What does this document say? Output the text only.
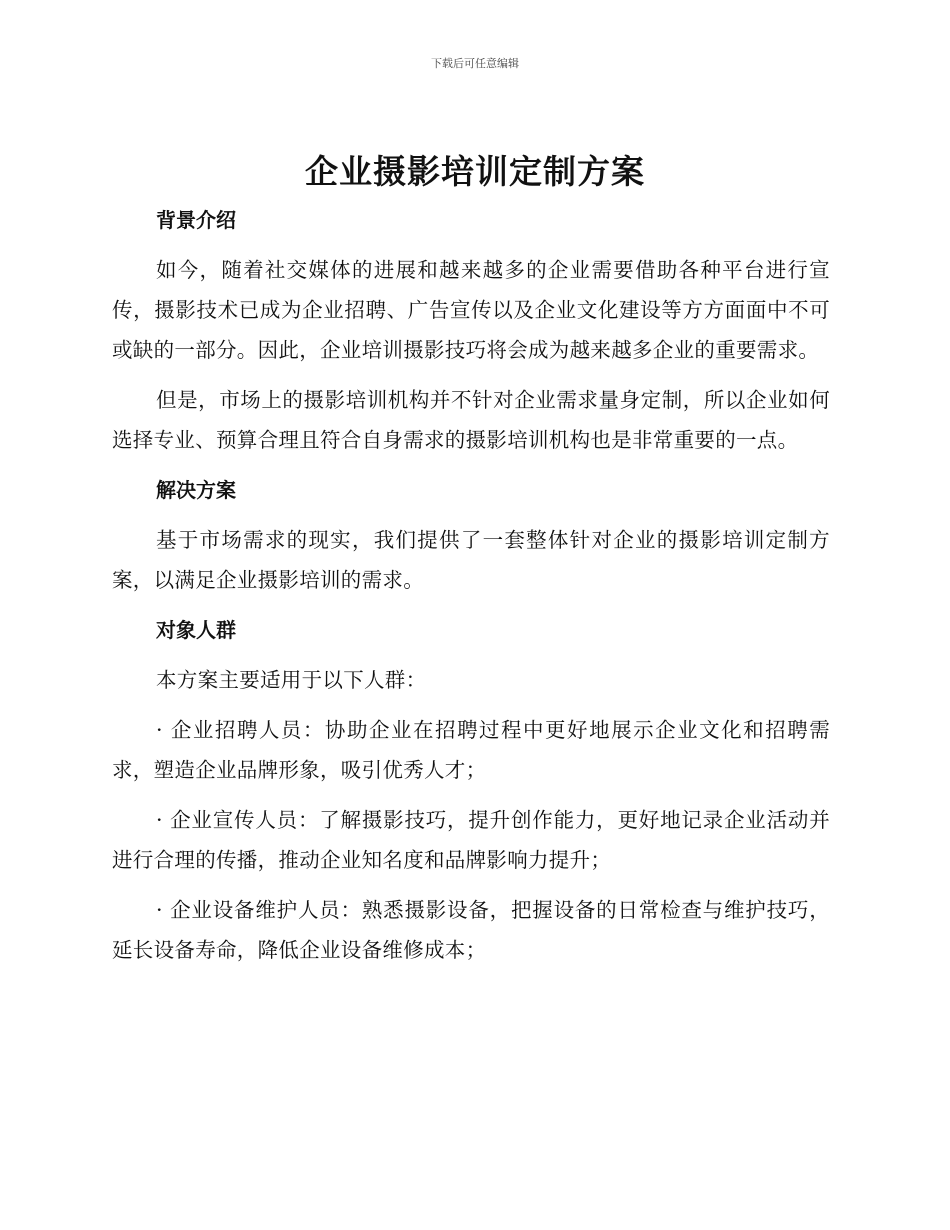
下载后可任意编辑
企业摄影培训定制方案
背景介绍

如今，随着社交媒体的进展和越来越多的企业需要借助各种平台进行宣传，摄影技术已成为企业招聘、广告宣传以及企业文化建设等方方面面中不可或缺的一部分。因此，企业培训摄影技巧将会成为越来越多企业的重要需求。

但是，市场上的摄影培训机构并不针对企业需求量身定制，所以企业如何选择专业、预算合理且符合自身需求的摄影培训机构也是非常重要的一点。

解决方案

基于市场需求的现实，我们提供了一套整体针对企业的摄影培训定制方案，以满足企业摄影培训的需求。

对象人群

本方案主要适用于以下人群：

· 企业招聘人员：协助企业在招聘过程中更好地展示企业文化和招聘需求，塑造企业品牌形象，吸引优秀人才；

· 企业宣传人员：了解摄影技巧，提升创作能力，更好地记录企业活动并进行合理的传播，推动企业知名度和品牌影响力提升；

· 企业设备维护人员：熟悉摄影设备，把握设备的日常检查与维护技巧，延长设备寿命，降低企业设备维修成本；
